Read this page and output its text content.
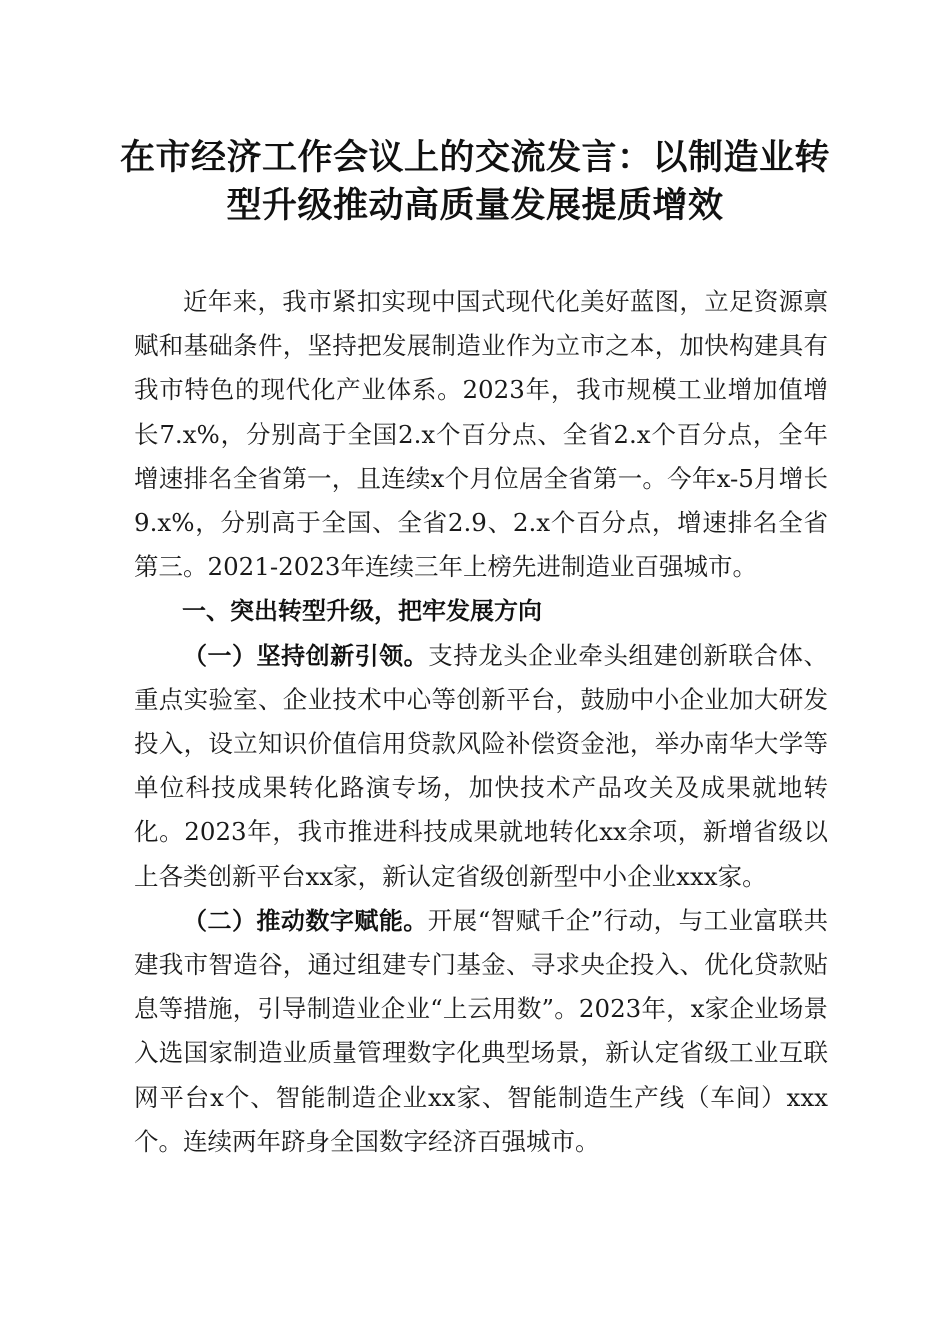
在市经济工作会议上的交流发言：以制造业转
型升级推动高质量发展提质增效

近年来，我市紧扣实现中国式现代化美好蓝图，立足资源禀赋和基础条件，坚持把发展制造业作为立市之本，加快构建具有我市特色的现代化产业体系。2023年，我市规模工业增加值增长7.x%，分别高于全国2.x个百分点、全省2.x个百分点，全年增速排名全省第一，且连续x个月位居全省第一。今年x-5月增长9.x%，分别高于全国、全省2.9、2.x个百分点，增速排名全省第三。2021-2023年连续三年上榜先进制造业百强城市。

一、突出转型升级，把牢发展方向

（一）坚持创新引领。支持龙头企业牵头组建创新联合体、重点实验室、企业技术中心等创新平台，鼓励中小企业加大研发投入，设立知识价值信用贷款风险补偿资金池，举办南华大学等单位科技成果转化路演专场，加快技术产品攻关及成果就地转化。2023年，我市推进科技成果就地转化xx余项，新增省级以上各类创新平台xx家，新认定省级创新型中小企业xxx家。

（二）推动数字赋能。开展“智赋千企”行动，与工业富联共建我市智造谷，通过组建专门基金、寻求央企投入、优化贷款贴息等措施，引导制造业企业“上云用数”。2023年，x家企业场景入选国家制造业质量管理数字化典型场景，新认定省级工业互联网平台x个、智能制造企业xx家、智能制造生产线（车间）xxx个。连续两年跻身全国数字经济百强城市。
